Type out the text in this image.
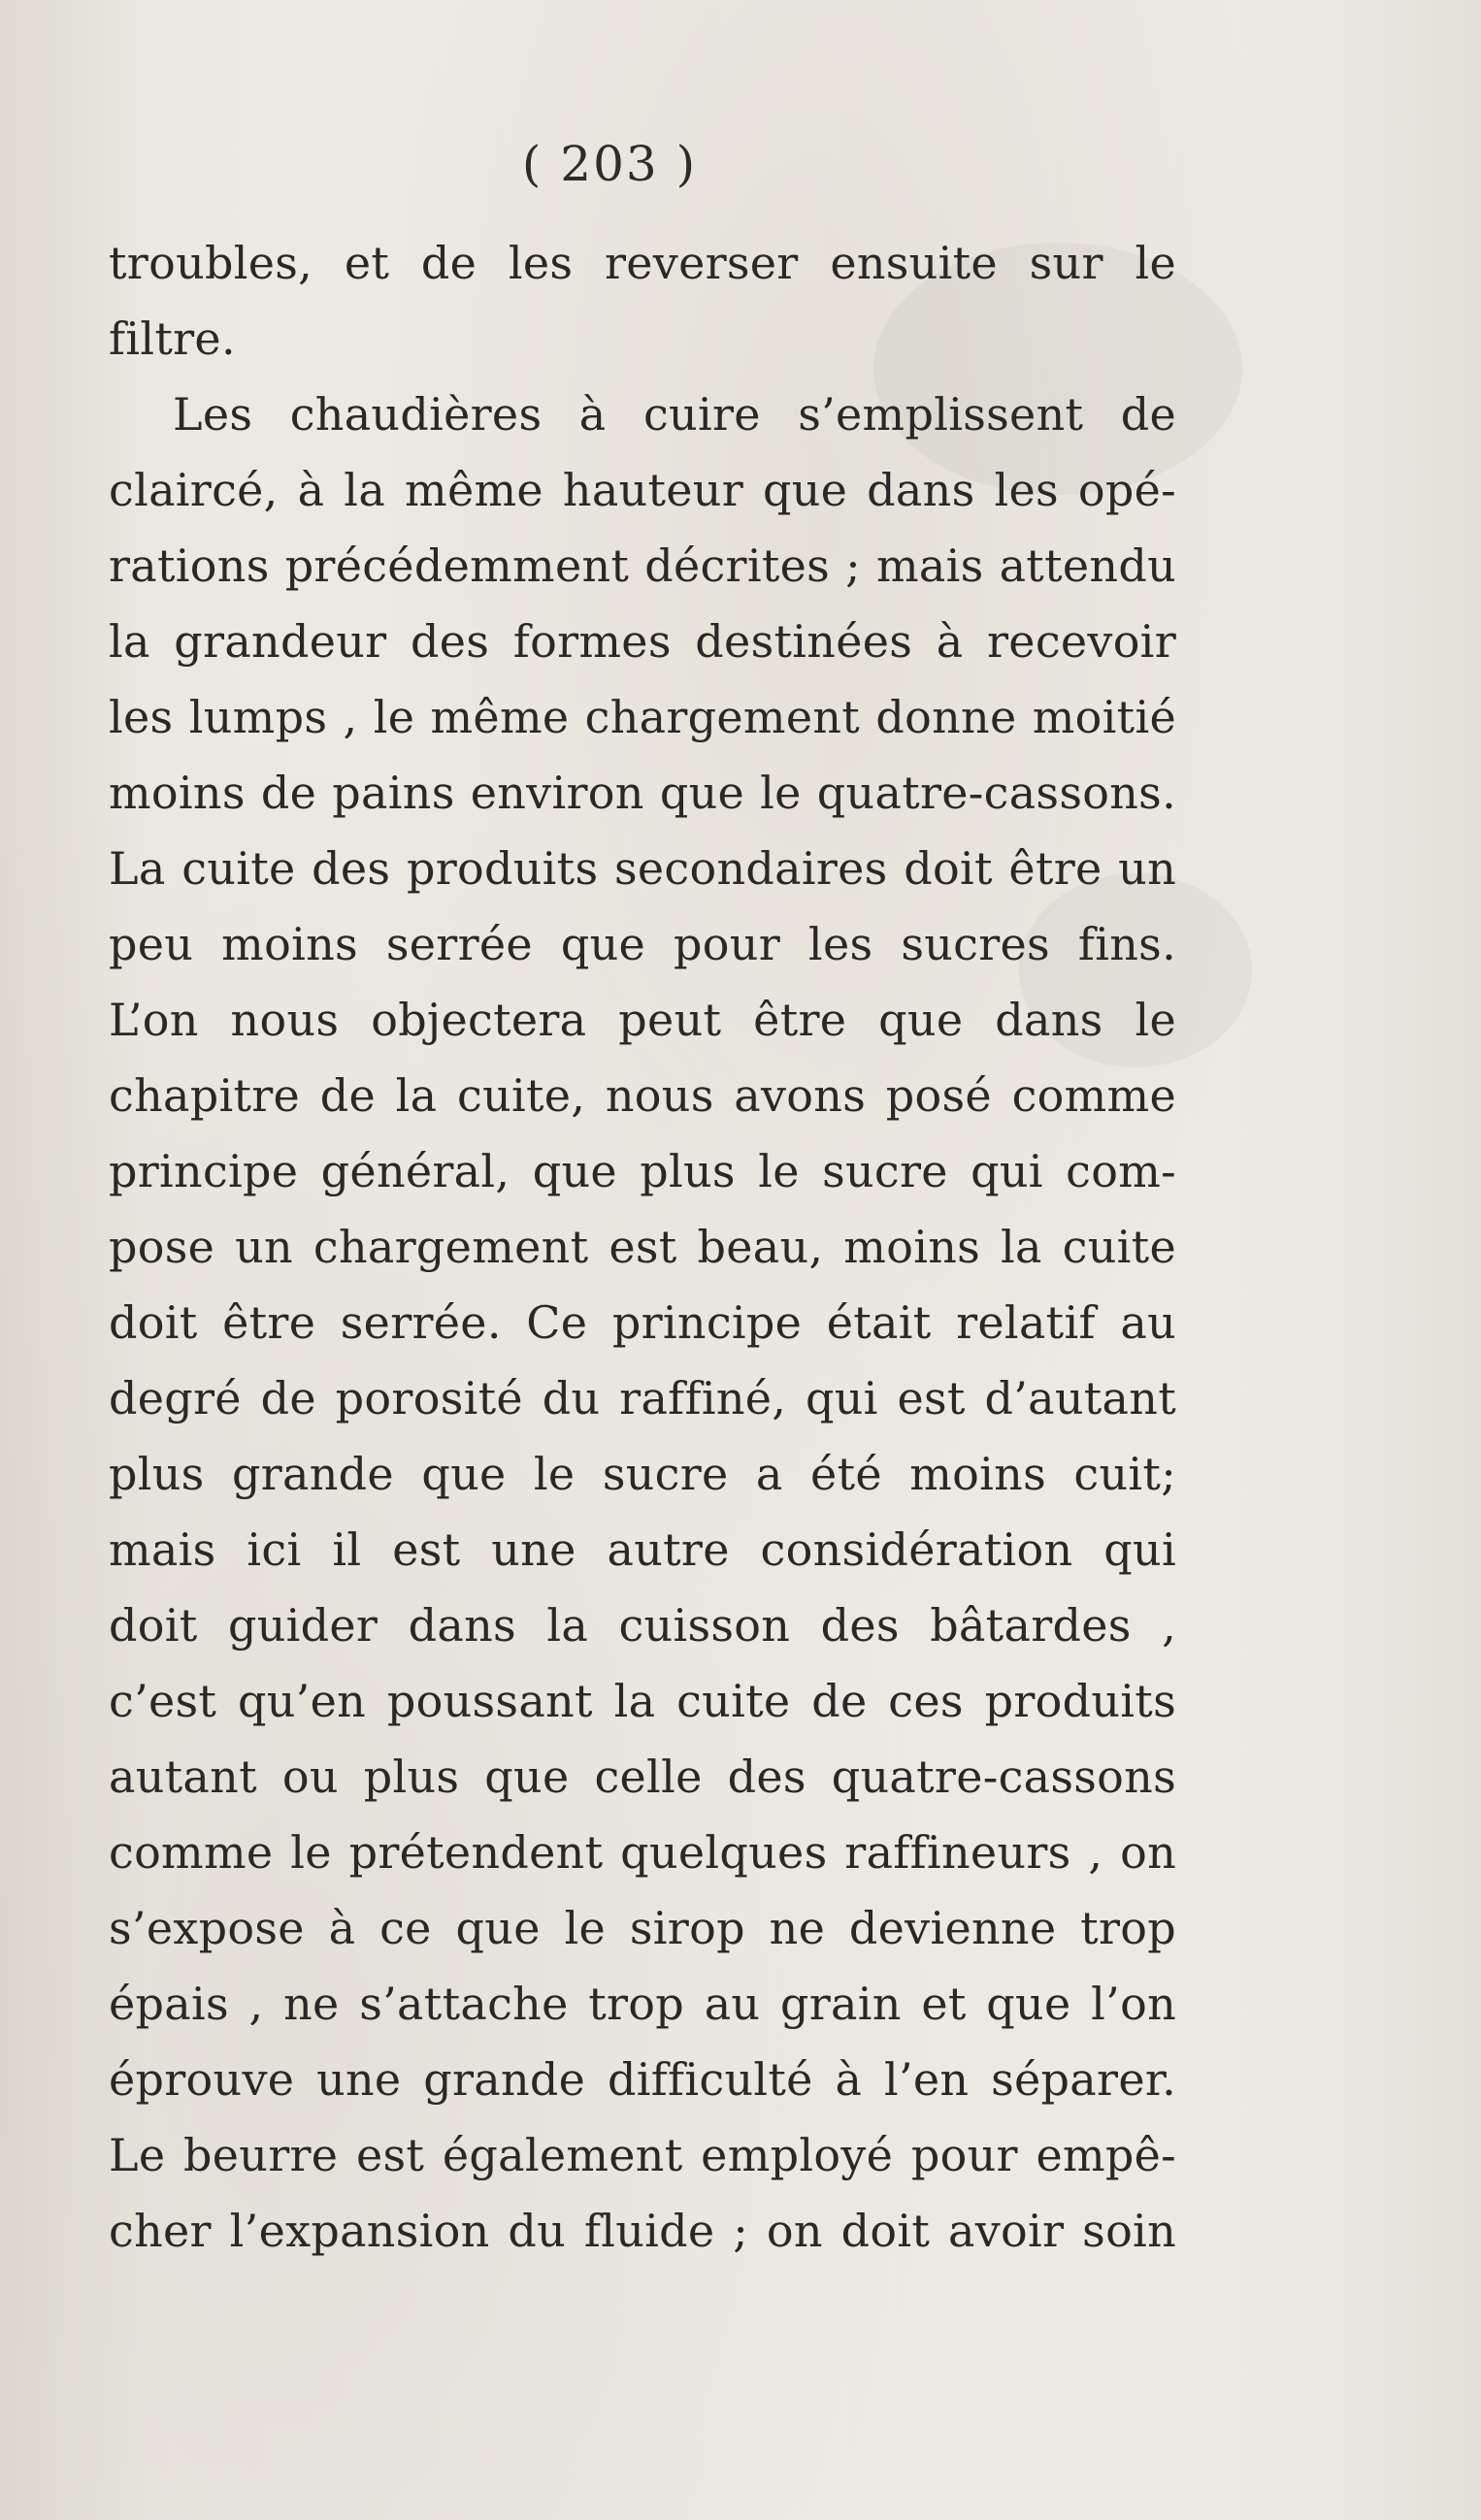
( 203 )
troubles, et de les reverser ensuite sur le
filtre.
Les chaudières à cuire s’emplissent de
claircé, à la même hauteur que dans les opé-
rations précédemment décrites ; mais attendu
la grandeur des formes destinées à recevoir
les lumps , le même chargement donne moitié
moins de pains environ que le quatre-cassons.
La cuite des produits secondaires doit être un
peu moins serrée que pour les sucres fins.
L’on nous objectera peut être que dans le
chapitre de la cuite, nous avons posé comme
principe général, que plus le sucre qui com-
pose un chargement est beau, moins la cuite
doit être serrée. Ce principe était relatif au
degré de porosité du raffiné, qui est d’autant
plus grande que le sucre a été moins cuit;
mais ici il est une autre considération qui
doit guider dans la cuisson des bâtardes ,
c’est qu’en poussant la cuite de ces produits
autant ou plus que celle des quatre-cassons
comme le prétendent quelques raffineurs , on
s’expose à ce que le sirop ne devienne trop
épais , ne s’attache trop au grain et que l’on
éprouve une grande difficulté à l’en séparer.
Le beurre est également employé pour empê-
cher l’expansion du fluide ; on doit avoir soin
